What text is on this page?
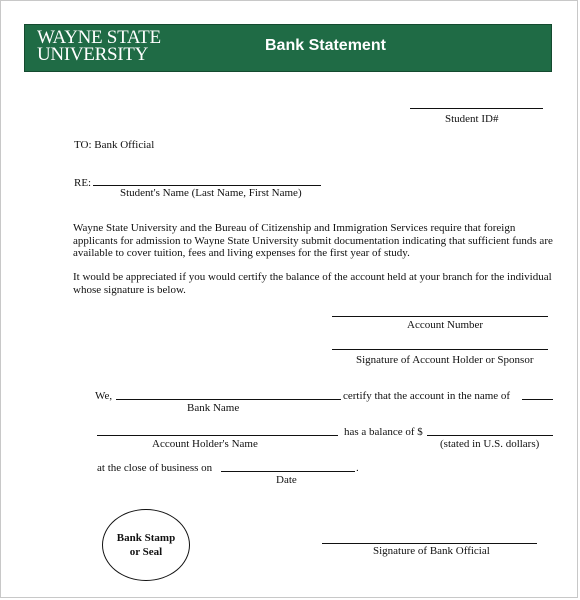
WAYNE STATE
UNIVERSITY	Bank Statement
Student ID#
TO: Bank Official
RE:
Student's Name (Last Name, First Name)
Wayne State University and the Bureau of Citizenship and Immigration Services require that foreign applicants for admission to Wayne State University submit documentation indicating that sufficient funds are available to cover tuition, fees and living expenses for the first year of study.
It would be appreciated if you would certify the balance of the account held at your branch for the individual whose signature is below.
Account Number
Signature of Account Holder or Sponsor
We,	certify that the account in the name of
Bank Name
has a balance of $
Account Holder's Name	(stated in U.S. dollars)
at the close of business on	.
Date
Bank Stamp
or Seal	Signature of Bank Official
